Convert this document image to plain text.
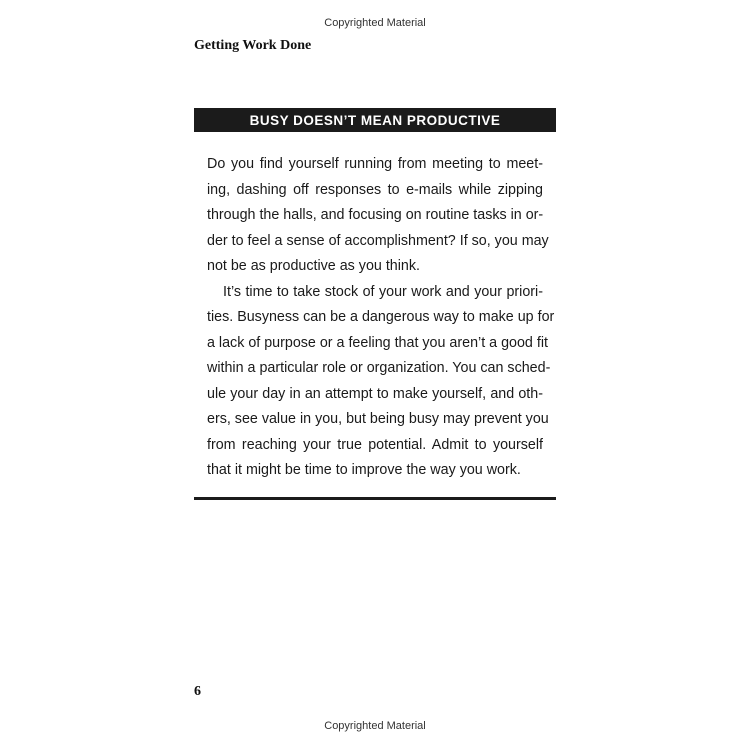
Copyrighted Material
Getting Work Done
BUSY DOESN’T MEAN PRODUCTIVE
Do you find yourself running from meeting to meet-
ing, dashing off responses to e-mails while zipping
through the halls, and focusing on routine tasks in or-
der to feel a sense of accomplishment? If so, you may
not be as productive as you think.
It’s time to take stock of your work and your priori-
ties. Busyness can be a dangerous way to make up for
a lack of purpose or a feeling that you aren’t a good fit
within a particular role or organization. You can sched-
ule your day in an attempt to make yourself, and oth-
ers, see value in you, but being busy may prevent you
from reaching your true potential. Admit to yourself
that it might be time to improve the way you work.
6
Copyrighted Material
